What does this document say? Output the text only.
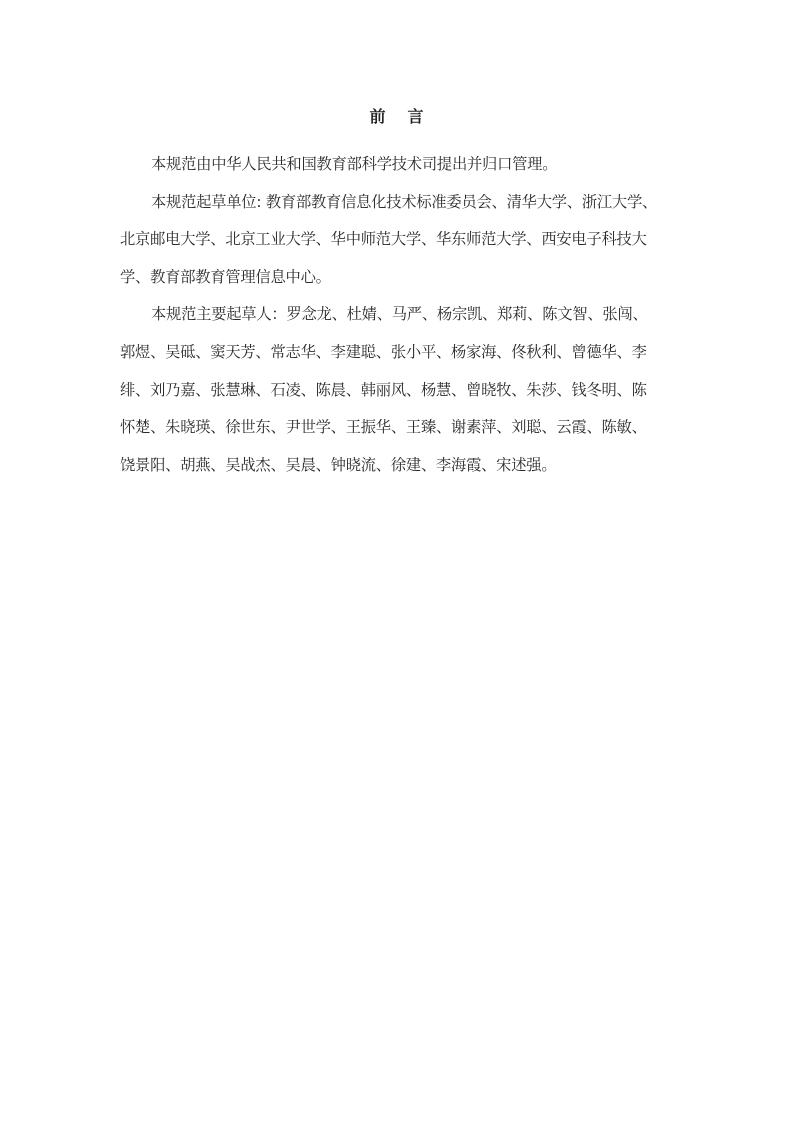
前 言

本规范由中华人民共和国教育部科学技术司提出并归口管理。

本规范起草单位: 教育部教育信息化技术标准委员会、清华大学、浙江大学、
北京邮电大学、北京工业大学、华中师范大学、华东师范大学、西安电子科技大
学、教育部教育管理信息中心。

本规范主要起草人：罗念龙、杜婧、马严、杨宗凯、郑莉、陈文智、张闯、
郭煜、吴砥、窦天芳、常志华、李建聪、张小平、杨家海、佟秋利、曾德华、李
绯、刘乃嘉、张慧琳、石凌、陈晨、韩丽风、杨慧、曾晓牧、朱莎、钱冬明、陈
怀楚、朱晓瑛、徐世东、尹世学、王振华、王臻、谢素萍、刘聪、云霞、陈敏、
饶景阳、胡燕、吴战杰、吴晨、钟晓流、徐建、李海霞、宋述强。
